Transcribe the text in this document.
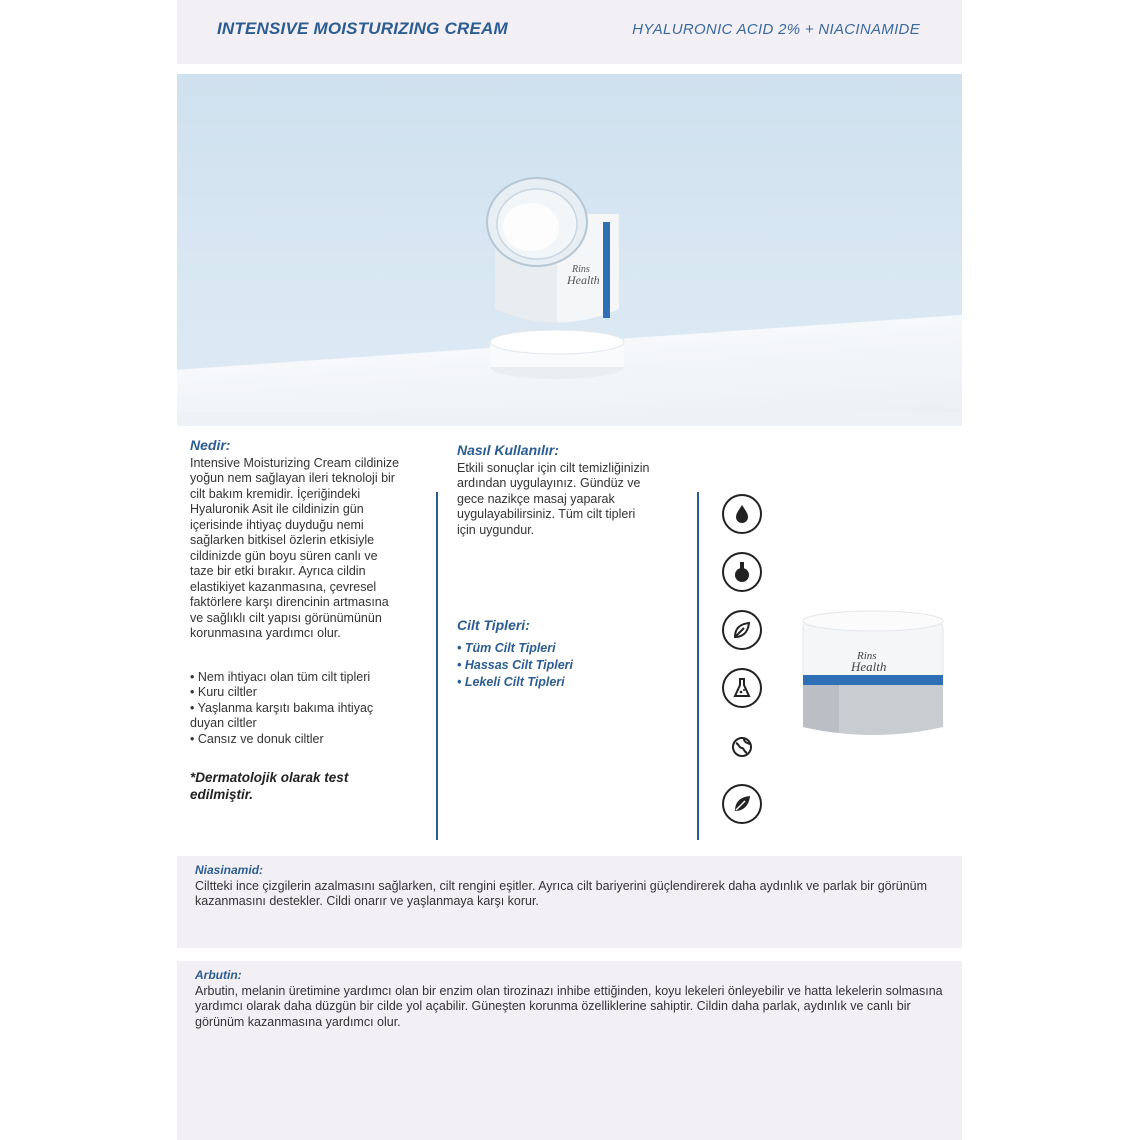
INTENSIVE MOISTURIZING CREAM	HYALURONIC ACID 2% + NIACINAMIDE
Rins
Health
Nedir:
Intensive Moisturizing Cream cildinize yoğun nem sağlayan ileri teknoloji bir cilt bakım kremidir. İçeriğindeki Hyaluronik Asit ile cildinizin gün içerisinde ihtiyaç duyduğu nemi sağlarken bitkisel özlerin etkisiyle cildinizde gün boyu süren canlı ve taze bir etki bırakır. Ayrıca cildin elastikiyet kazanmasına, çevresel faktörlere karşı direncinin artmasına ve sağlıklı cilt yapısı görünümünün korunmasına yardımcı olur.
• Nem ihtiyacı olan tüm cilt tipleri
• Kuru ciltler
• Yaşlanma karşıtı bakıma ihtiyaç duyan ciltler
• Cansız ve donuk ciltler
*Dermatolojik olarak test edilmiştir.
Nasıl Kullanılır:
Etkili sonuçlar için cilt temizliğinizin ardından uygulayınız. Gündüz ve gece nazikçe masaj yaparak uygulayabilirsiniz. Tüm cilt tipleri için uygundur.
Cilt Tipleri:
• Tüm Cilt Tipleri
• Hassas Cilt Tipleri
• Lekeli Cilt Tipleri
Rins
Health
Niasinamid:
Ciltteki ince çizgilerin azalmasını sağlarken, cilt rengini eşitler. Ayrıca cilt bariyerini güçlendirerek daha aydınlık ve parlak bir görünüm kazanmasını destekler. Cildi onarır ve yaşlanmaya karşı korur.
Arbutin:
Arbutin, melanin üretimine yardımcı olan bir enzim olan tirozinazı inhibe ettiğinden, koyu lekeleri önleyebilir ve hatta lekelerin solmasına yardımcı olarak daha düzgün bir cilde yol açabilir. Güneşten korunma özelliklerine sahiptir. Cildin daha parlak, aydınlık ve canlı bir görünüm kazanmasına yardımcı olur.
